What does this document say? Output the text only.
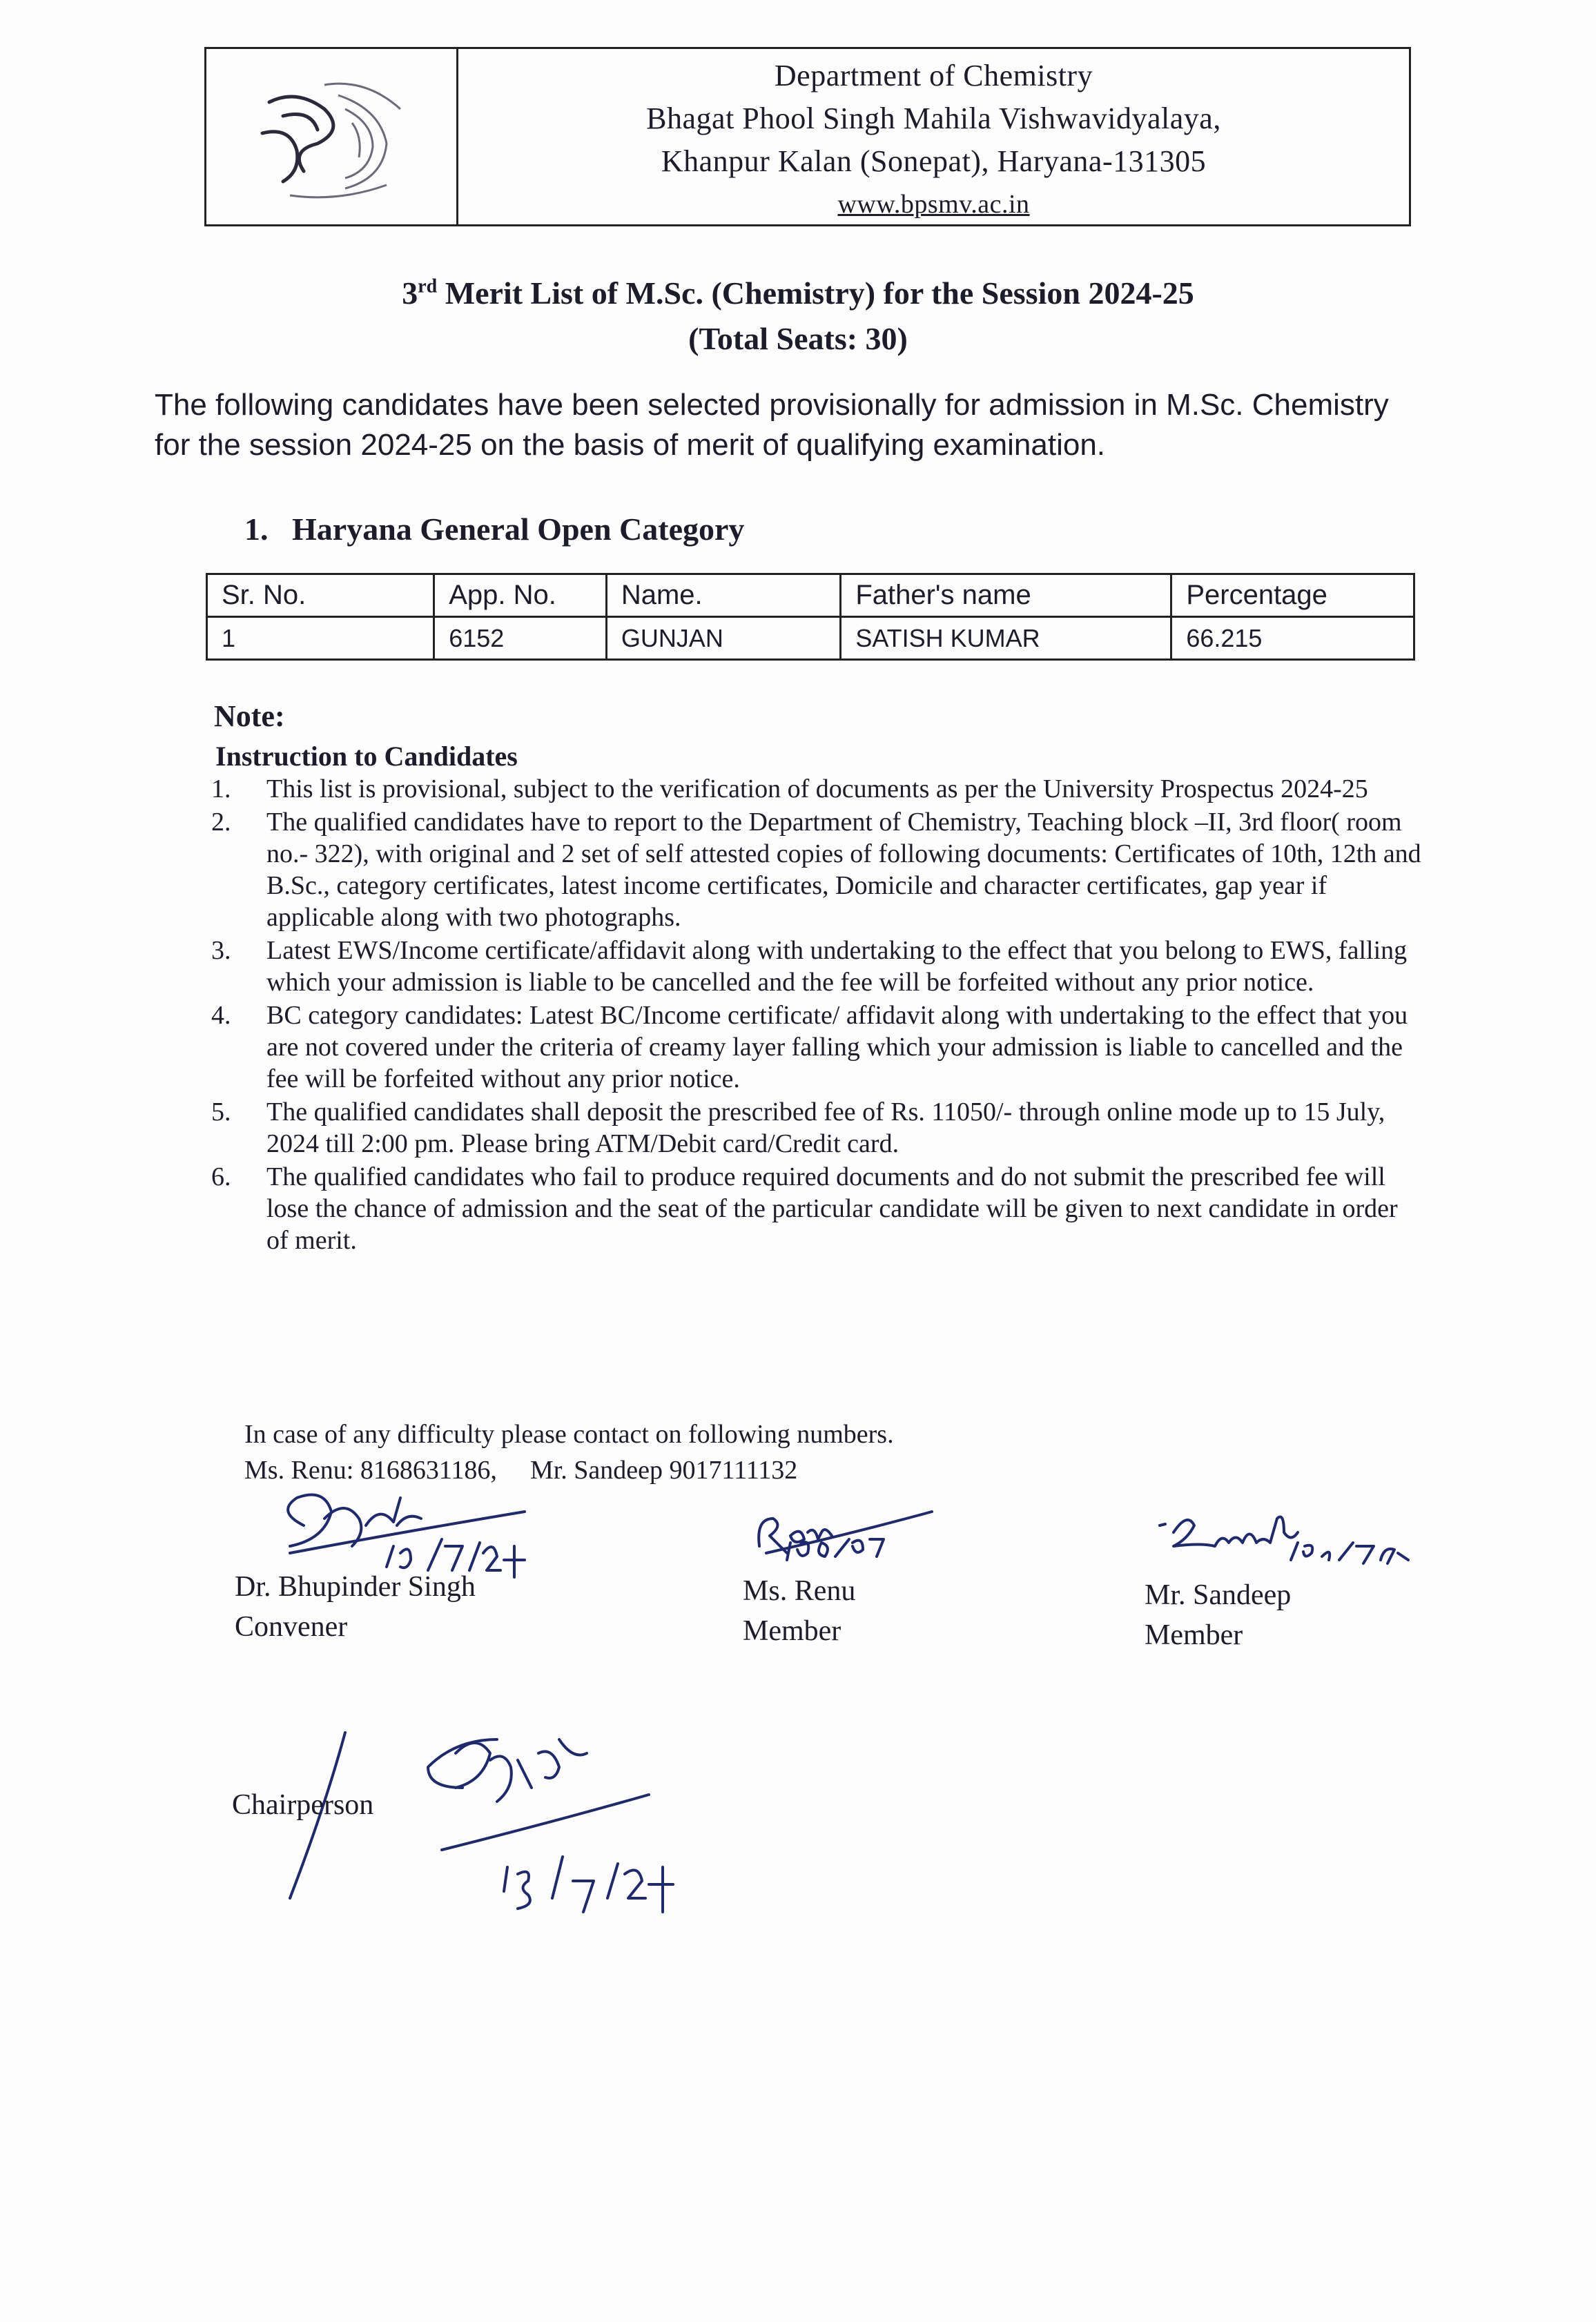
Department of Chemistry
Bhagat Phool Singh Mahila Vishwavidyalaya,
Khanpur Kalan (Sonepat), Haryana-131305
www.bpsmv.ac.in
3rd Merit List of M.Sc. (Chemistry) for the Session 2024-25
(Total Seats: 30)
The following candidates have been selected provisionally for admission in M.Sc. Chemistry
for the session 2024-25 on the basis of merit of qualifying examination.
1.   Haryana General Open Category
Sr. No.	App. No.	Name.	Father's name	Percentage
1	6152	GUNJAN	SATISH KUMAR	66.215
Note:
Instruction to Candidates
1. This list is provisional, subject to the verification of documents as per the University Prospectus 2024-25
2. The qualified candidates have to report to the Department of Chemistry, Teaching block –II, 3rd floor( room no.- 322), with original and 2 set of self attested copies of following documents: Certificates of 10th, 12th and B.Sc., category certificates, latest income certificates, Domicile and character certificates, gap year if applicable along with two photographs.
3. Latest EWS/Income certificate/affidavit along with undertaking to the effect that you belong to EWS, falling which your admission is liable to be cancelled and the fee will be forfeited without any prior notice.
4. BC category candidates: Latest BC/Income certificate/ affidavit along with undertaking to the effect that you are not covered under the criteria of creamy layer falling which your admission is liable to cancelled and the fee will be forfeited without any prior notice.
5. The qualified candidates shall deposit the prescribed fee of Rs. 11050/- through online mode up to 15 July, 2024 till 2:00 pm. Please bring ATM/Debit card/Credit card.
6. The qualified candidates who fail to produce required documents and do not submit the prescribed fee will lose the chance of admission and the seat of the particular candidate will be given to next candidate in order of merit.
In case of any difficulty please contact on following numbers.
Ms. Renu: 8168631186, Mr. Sandeep 9017111132
Dr. Bhupinder Singh
Convener
Ms. Renu
Member
Mr. Sandeep
Member
Chairperson
